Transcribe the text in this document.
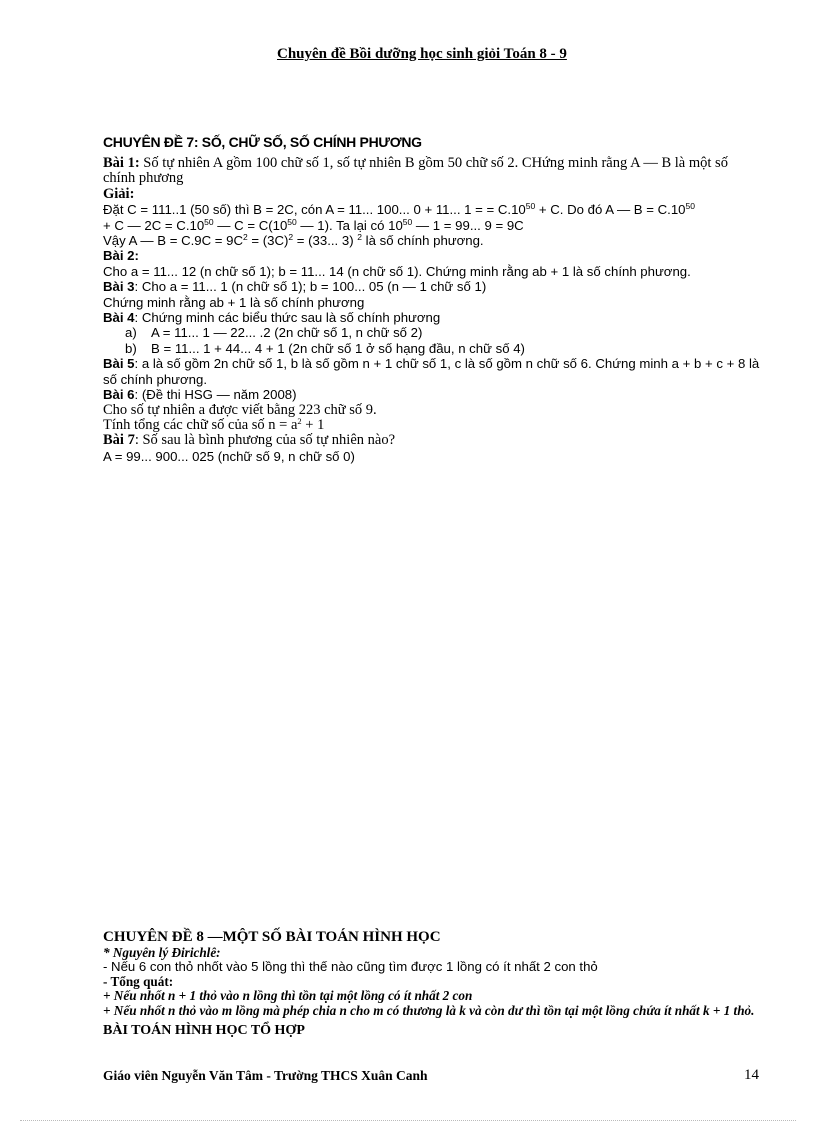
Chuyên đề Bồi dưỡng học sinh giỏi Toán 8 - 9
CHUYÊN ĐỀ 7: SỐ, CHỮ SỐ, SỐ CHÍNH PHƯƠNG
Bài 1: Số tự nhiên A gồm 100 chữ số 1, số tự nhiên B gồm 50 chữ số 2. CHứng minh rằng A — B là một số chính phương
Giải:
Đặt C = 111..1 (50 số) thì B = 2C, cón A = 11... 100... 0 + 11... 1 = = $C.10^{50} + C$. Do đó A — $B = C.10^{50}$
+ C — $2C = C.10^{50}$ — $C = C(10^{50}$ — 1). Ta lại có $10^{50}$ — 1 = 99... 9 = 9C
Vậy A — $B = C.9C = 9C^2 = (3C)^2 = (33$... 3) $^2$ là số chính phương.
Bài 2:
Cho a = 11... 12 (n chữ số 1); b = 11... 14 (n chữ số 1). Chứng minh rằng ab + 1 là số chính phương.
Bài 3: Cho a = 11... 1 (n chữ số 1); b = 100... 05 (n — 1 chữ số 1)
Chứng minh rằng ab + 1 là số chính phương
Bài 4: Chứng minh các biểu thức sau là số chính phương
a) A = 11... 1 — 22... .2 (2n chữ số 1, n chữ số 2)
b) B = 11... 1 + 44... 4 + 1 (2n chữ số 1 ở số hạng đầu, n chữ số 4)
Bài 5: a là số gồm 2n chữ số 1, b là số gồm n + 1 chữ số 1, c là số gồm n chữ số 6. Chứng minh a + b + c + 8 là số chính phương.
Bài 6: (Đề thi HSG — năm 2008)
Cho số tự nhiên a được viết bằng 223 chữ số 9.
Tính tổng các chữ số của số $n = a^2 + 1$
Bài 7: Số sau là bình phương của số tự nhiên nào?
A = 99... 900... 025 (nchữ số 9, n chữ số 0)
CHUYÊN ĐỀ 8 —MỘT SỐ BÀI TOÁN HÌNH HỌC
* Nguyên lý Đirichlê:
- Nếu 6 con thỏ nhốt vào 5 lồng thì thế nào cũng tìm được 1 lồng có ít nhất 2 con thỏ
- Tổng quát:
+ Nếu nhốt n + 1 thỏ vào n lồng thì tồn tại một lồng có ít nhất 2 con
+ Nếu nhốt n thỏ vào m lồng mà phép chia n cho m có thương là k và còn dư thì tồn tại một lồng chứa ít nhất k + 1 thỏ.
BÀI TOÁN HÌNH HỌC TỔ HỢP
Giáo viên Nguyễn Văn Tâm - Trường THCS Xuân Canh	14
